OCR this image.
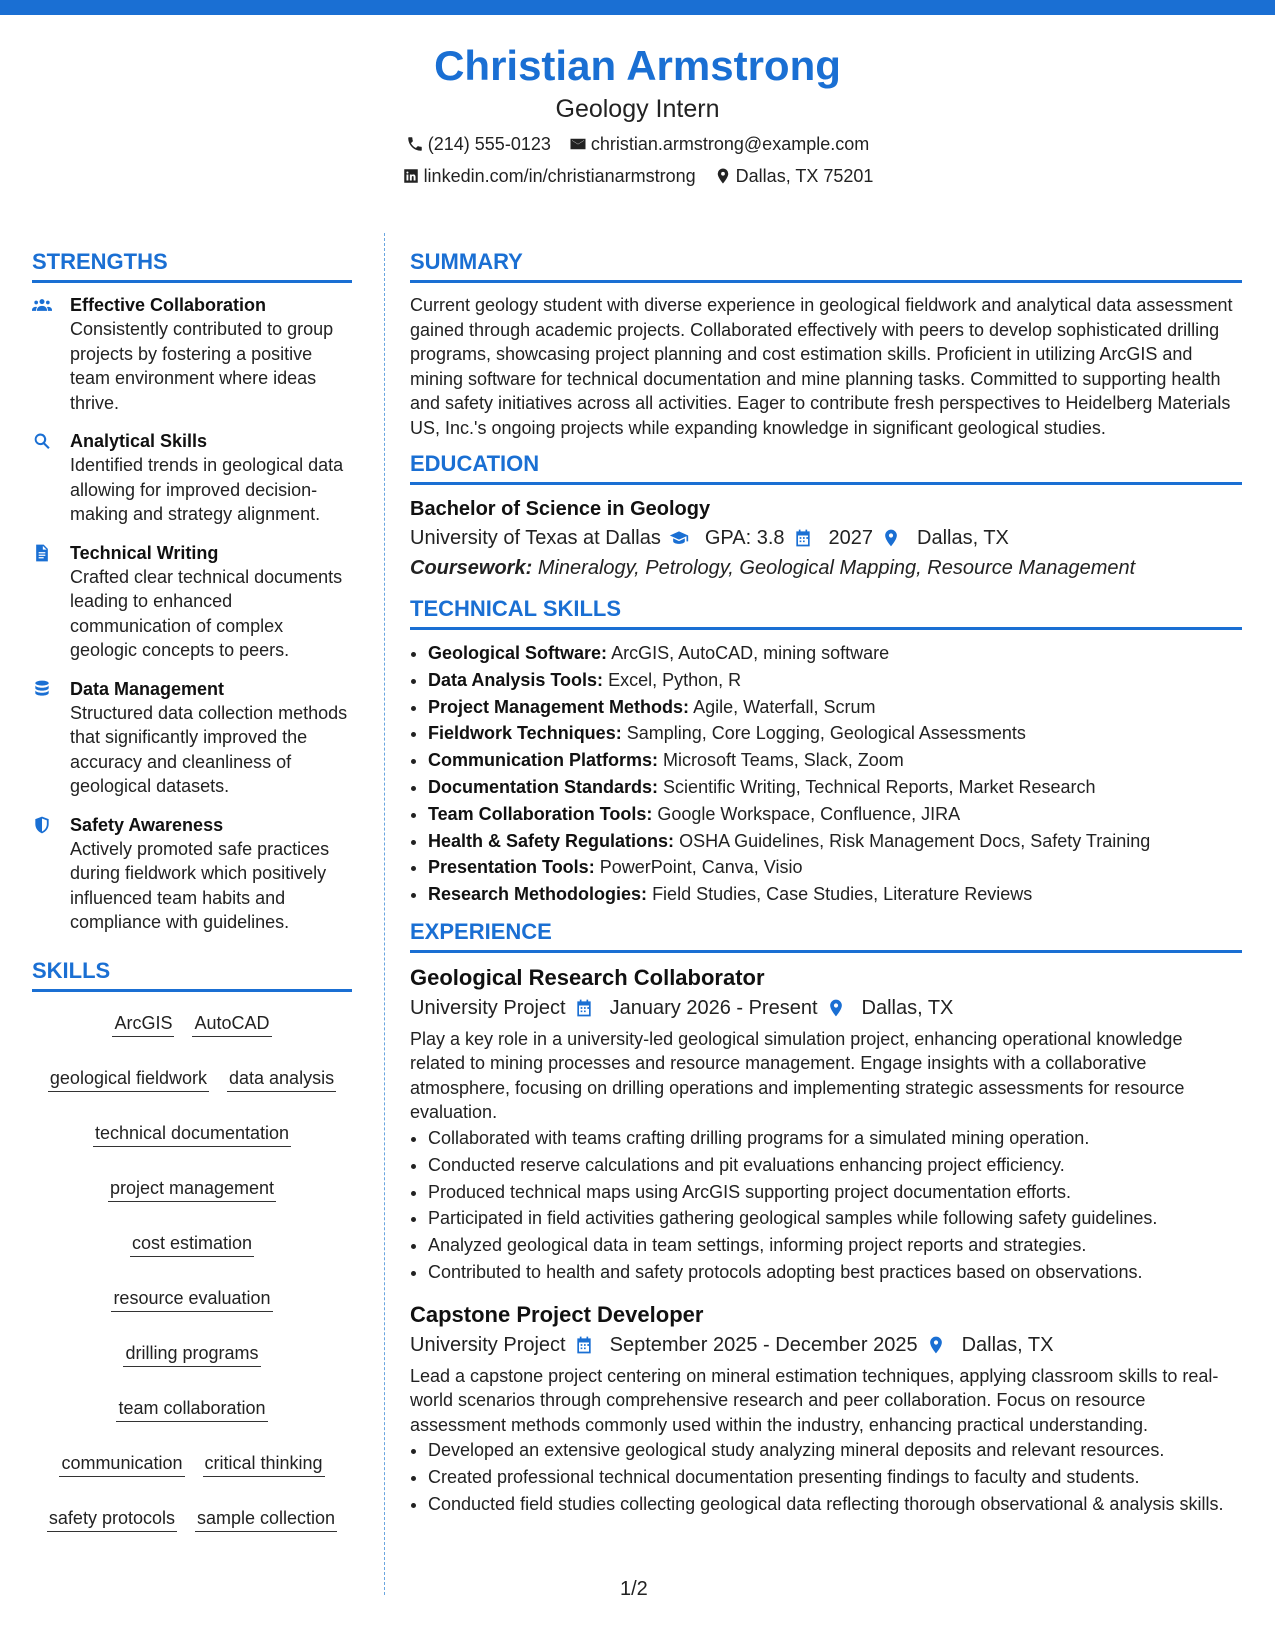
Christian Armstrong
Geology Intern
(214) 555-0123 christian.armstrong@example.com
linkedin.com/in/christianarmstrong Dallas, TX 75201
STRENGTHS
Effective Collaboration
Consistently contributed to group projects by fostering a positive team environment where ideas thrive.
Analytical Skills
Identified trends in geological data allowing for improved decision-making and strategy alignment.
Technical Writing
Crafted clear technical documents leading to enhanced communication of complex geologic concepts to peers.
Data Management
Structured data collection methods that significantly improved the accuracy and cleanliness of geological datasets.
Safety Awareness
Actively promoted safe practices during fieldwork which positively influenced team habits and compliance with guidelines.
SKILLS
ArcGIS AutoCAD
geological fieldwork data analysis
technical documentation
project management
cost estimation
resource evaluation
drilling programs
team collaboration
communication critical thinking
safety protocols sample collection
SUMMARY

Current geology student with diverse experience in geological fieldwork and analytical data assessment gained through academic projects. Collaborated effectively with peers to develop sophisticated drilling programs, showcasing project planning and cost estimation skills. Proficient in utilizing ArcGIS and mining software for technical documentation and mine planning tasks. Committed to supporting health and safety initiatives across all activities. Eager to contribute fresh perspectives to Heidelberg Materials US, Inc.'s ongoing projects while expanding knowledge in significant geological studies.

EDUCATION
Bachelor of Science in Geology
University of Texas at Dallas GPA: 3.8 2027 Dallas, TX
Coursework: Mineralogy, Petrology, Geological Mapping, Resource Management
TECHNICAL SKILLS
• Geological Software: ArcGIS, AutoCAD, mining software
• Data Analysis Tools: Excel, Python, R
• Project Management Methods: Agile, Waterfall, Scrum
• Fieldwork Techniques: Sampling, Core Logging, Geological Assessments
• Communication Platforms: Microsoft Teams, Slack, Zoom
• Documentation Standards: Scientific Writing, Technical Reports, Market Research
• Team Collaboration Tools: Google Workspace, Confluence, JIRA
• Health & Safety Regulations: OSHA Guidelines, Risk Management Docs, Safety Training
• Presentation Tools: PowerPoint, Canva, Visio
• Research Methodologies: Field Studies, Case Studies, Literature Reviews
EXPERIENCE
Geological Research Collaborator
University Project January 2026 - Present Dallas, TX
Play a key role in a university-led geological simulation project, enhancing operational knowledge related to mining processes and resource management. Engage insights with a collaborative atmosphere, focusing on drilling operations and implementing strategic assessments for resource evaluation.
• Collaborated with teams crafting drilling programs for a simulated mining operation.
• Conducted reserve calculations and pit evaluations enhancing project efficiency.
• Produced technical maps using ArcGIS supporting project documentation efforts.
• Participated in field activities gathering geological samples while following safety guidelines.
• Analyzed geological data in team settings, informing project reports and strategies.
• Contributed to health and safety protocols adopting best practices based on observations.
Capstone Project Developer
University Project September 2025 - December 2025 Dallas, TX
Lead a capstone project centering on mineral estimation techniques, applying classroom skills to real-world scenarios through comprehensive research and peer collaboration. Focus on resource assessment methods commonly used within the industry, enhancing practical understanding.
• Developed an extensive geological study analyzing mineral deposits and relevant resources.
• Created professional technical documentation presenting findings to faculty and students.
• Conducted field studies collecting geological data reflecting thorough observational & analysis skills.
1/2
